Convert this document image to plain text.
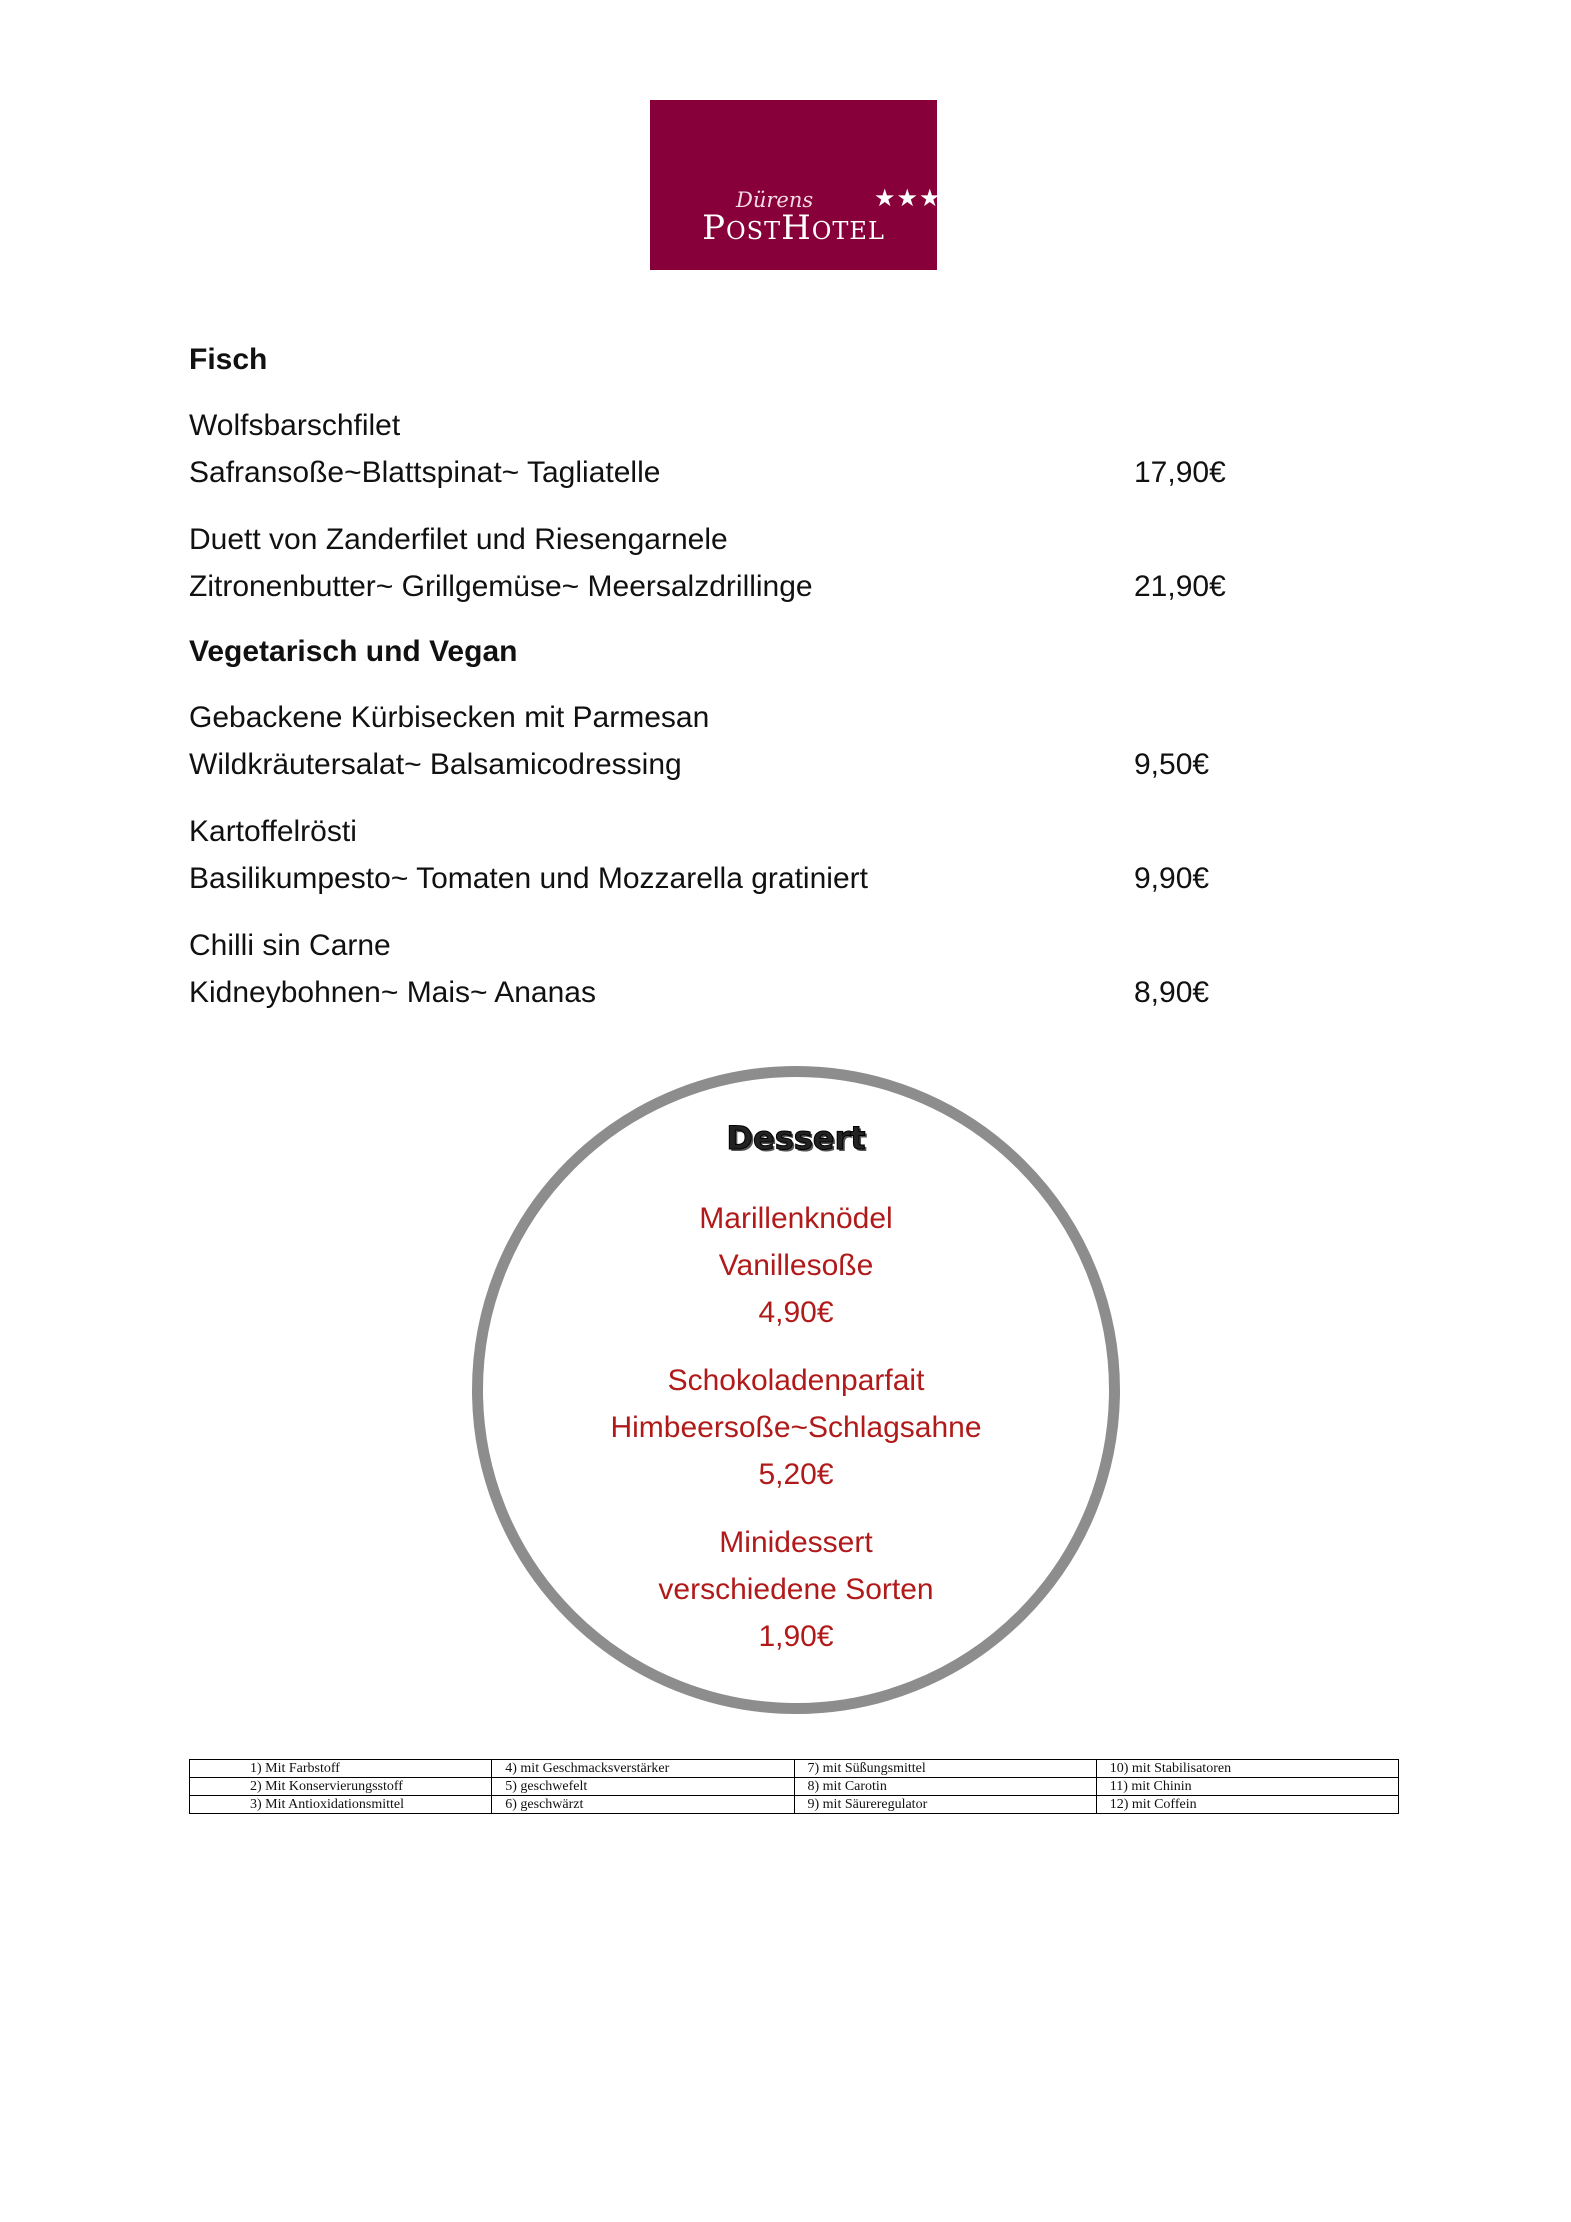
Dürens	★★★ S
PostHotel
Fisch
Wolfsbarschfilet
Safransoße~Blattspinat~ Tagliatelle	17,90€
Duett von Zanderfilet und Riesengarnele
Zitronenbutter~ Grillgemüse~ Meersalzdrillinge	21,90€
Vegetarisch und Vegan
Gebackene Kürbisecken mit Parmesan
Wildkräutersalat~ Balsamicodressing	9,50€
Kartoffelrösti
Basilikumpesto~ Tomaten und Mozzarella gratiniert	9,90€
Chilli sin Carne
Kidneybohnen~ Mais~ Ananas	8,90€
Dessert
Marillenknödel
Vanillesoße
4,90€
Schokoladenparfait
Himbeersoße~Schlagsahne
5,20€
Minidessert
verschiedene Sorten
1,90€
1) Mit Farbstoff	4) mit Geschmacksverstärker	7) mit Süßungsmittel	10) mit Stabilisatoren
2) Mit Konservierungsstoff	5) geschwefelt	8) mit Carotin	11) mit Chinin
3) Mit Antioxidationsmittel	6) geschwärzt	9) mit Säureregulator	12) mit Coffein
